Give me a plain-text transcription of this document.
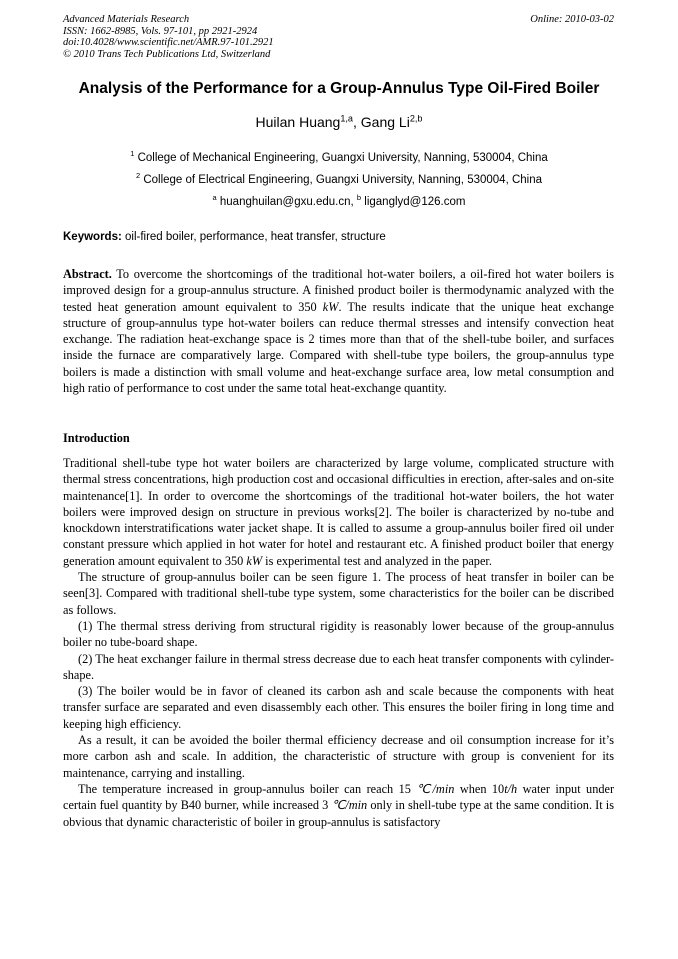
Advanced Materials Research
ISSN: 1662-8985, Vols. 97-101, pp 2921-2924
doi:10.4028/www.scientific.net/AMR.97-101.2921
© 2010 Trans Tech Publications Ltd, Switzerland
Online: 2010-03-02
Analysis of the Performance for a Group-Annulus Type Oil-Fired Boiler
Huilan Huang$^{1,a}$, Gang Li$^{2,b}$
$^1$ College of Mechanical Engineering, Guangxi University, Nanning, 530004, China
$^2$ College of Electrical Engineering, Guangxi University, Nanning, 530004, China
$^a$ huanghuilan@gxu.edu.cn, $^b$ liganglyd@126.com
Keywords: oil-fired boiler, performance, heat transfer, structure

Abstract. To overcome the shortcomings of the traditional hot-water boilers, a oil-fired hot water boilers is improved design for a group-annulus structure. A finished product boiler is thermodynamic analyzed with the tested heat generation amount equivalent to 350 kW. The results indicate that the unique heat exchange structure of group-annulus type hot-water boilers can reduce thermal stresses and intensify convection heat exchange. The radiation heat-exchange space is 2 times more than that of the shell-tube boiler, and surfaces inside the furnace are comparatively large. Compared with shell-tube type boilers, the group-annulus type boilers is made a distinction with small volume and heat-exchange surface area, low metal consumption and high ratio of performance to cost under the same total heat-exchange quantity.

Introduction

Traditional shell-tube type hot water boilers are characterized by large volume, complicated structure with thermal stress concentrations, high production cost and occasional difficulties in erection, after-sales and on-site maintenance[1]. In order to overcome the shortcomings of the traditional hot-water boilers, the hot water boilers were improved design on structure in previous works[2]. The boiler is characterized by no-tube and knockdown interstratifications water jacket shape. It is called to assume a group-annulus boiler fired oil under constant pressure which applied in hot water for hotel and restaurant etc. A finished product boiler that energy generation amount equivalent to 350 kW is experimental test and analyzed in the paper.

The structure of group-annulus boiler can be seen figure 1. The process of heat transfer in boiler can be seen[3]. Compared with traditional shell-tube type system, some characteristics for the boiler can be discribed as follows.

(1) The thermal stress deriving from structural rigidity is reasonably lower because of the group-annulus boiler no tube-board shape.

(2) The heat exchanger failure in thermal stress decrease due to each heat transfer components with cylinder-shape.

(3) The boiler would be in favor of cleaned its carbon ash and scale because the components with heat transfer surface are separated and even disassembly each other. This ensures the boiler firing in long time and keeping high efficiency.

As a result, it can be avoided the boiler thermal efficiency decrease and oil consumption increase for it’s more carbon ash and scale. In addition, the characteristic of structure with group is convenient for its maintenance, carrying and installing.

The temperature increased in group-annulus boiler can reach 15 ℃/min when 10t/h water input under certain fuel quantity by B40 burner, while increased 3 ℃/min only in shell-tube type at the same condition. It is obvious that dynamic characteristic of boiler in group-annulus is satisfactory
